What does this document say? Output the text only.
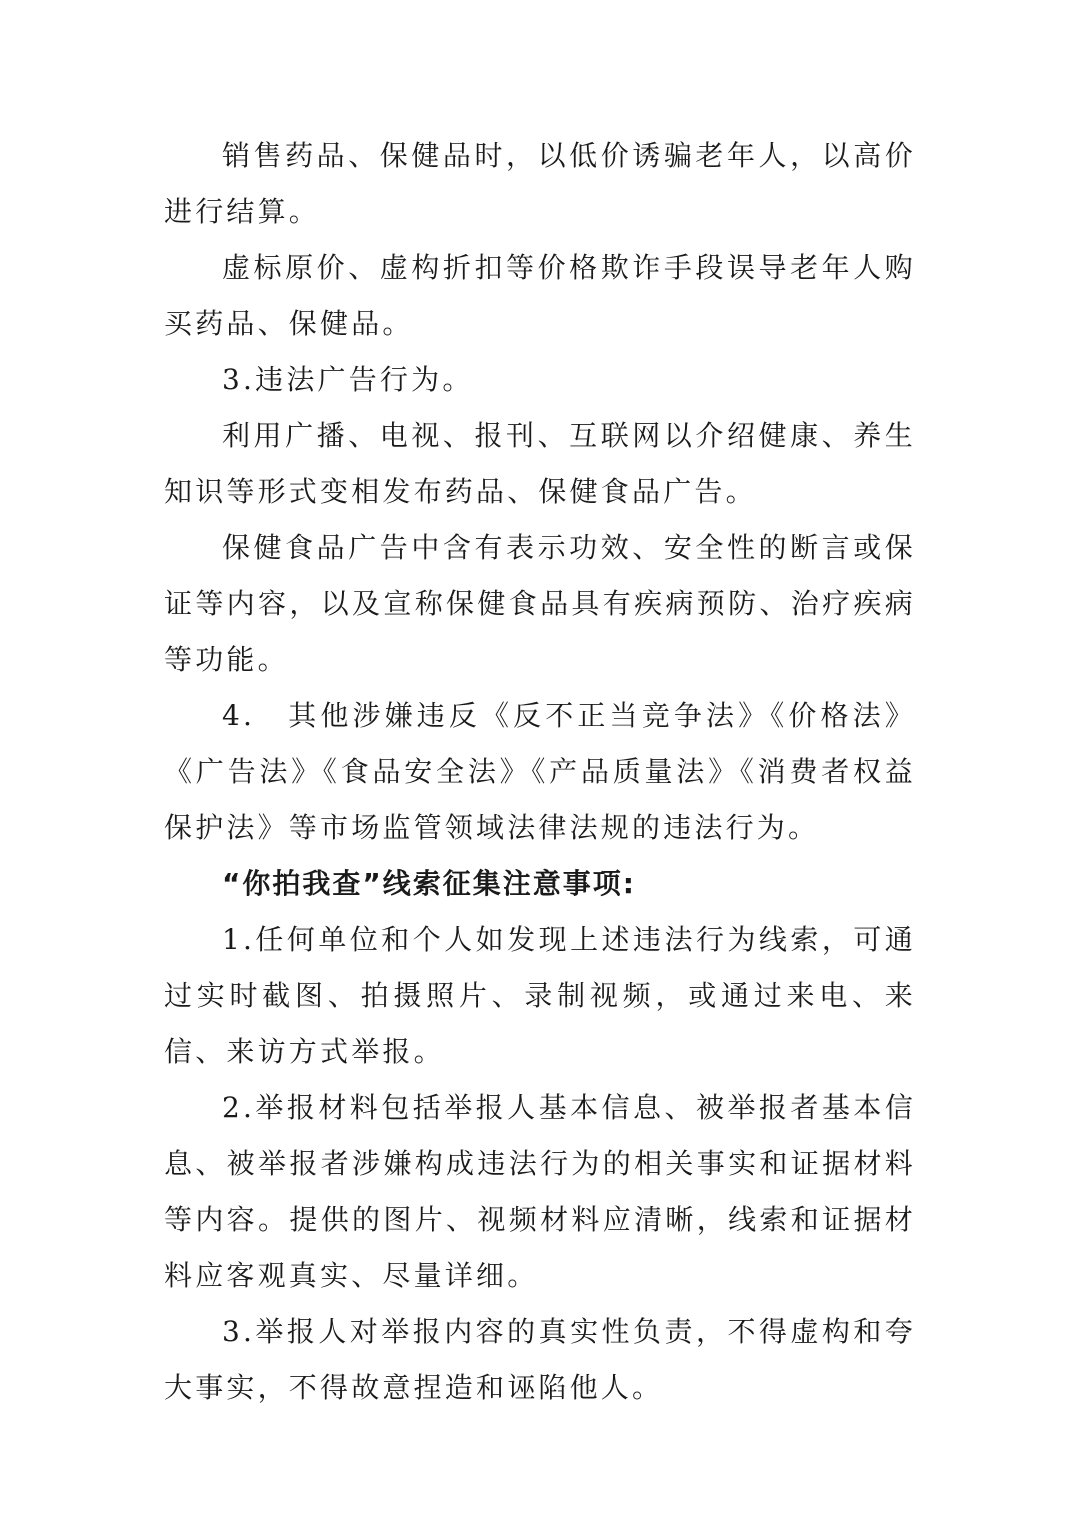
销售药品、保健品时，以低价诱骗老年人，以高价进行结算。

虚标原价、虚构折扣等价格欺诈手段误导老年人购买药品、保健品。

3.违法广告行为。

利用广播、电视、报刊、互联网以介绍健康、养生知识等形式变相发布药品、保健食品广告。

保健食品广告中含有表示功效、安全性的断言或保证等内容，以及宣称保健食品具有疾病预防、治疗疾病等功能。

4.　其他涉嫌违反《反不正当竞争法》《价格法》《广告法》《食品安全法》《产品质量法》《消费者权益保护法》等市场监管领域法律法规的违法行为。

“你拍我查”线索征集注意事项:

1.任何单位和个人如发现上述违法行为线索，可通过实时截图、拍摄照片、录制视频，或通过来电、来信、来访方式举报。

2.举报材料包括举报人基本信息、被举报者基本信息、被举报者涉嫌构成违法行为的相关事实和证据材料等内容。提供的图片、视频材料应清晰，线索和证据材料应客观真实、尽量详细。

3.举报人对举报内容的真实性负责，不得虚构和夸大事实，不得故意捏造和诬陷他人。
